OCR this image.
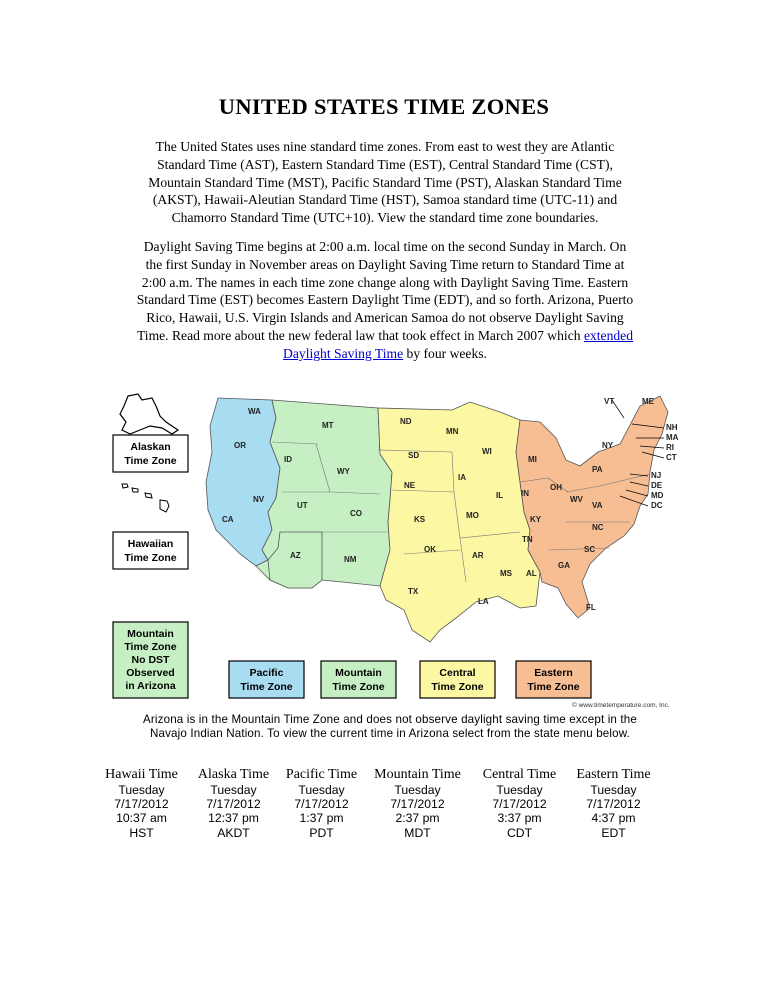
UNITED STATES TIME ZONES
The United States uses nine standard time zones. From east to west they are Atlantic
Standard Time (AST), Eastern Standard Time (EST), Central Standard Time (CST),
Mountain Standard Time (MST), Pacific Standard Time (PST), Alaskan Standard Time
(AKST), Hawaii-Aleutian Standard Time (HST), Samoa standard time (UTC-11) and
Chamorro Standard Time (UTC+10). View the standard time zone boundaries.
Daylight Saving Time begins at 2:00 a.m. local time on the second Sunday in March. On
the first Sunday in November areas on Daylight Saving Time return to Standard Time at
2:00 a.m. The names in each time zone change along with Daylight Saving Time. Eastern
Standard Time (EST) becomes Eastern Daylight Time (EDT), and so forth. Arizona, Puerto
Rico, Hawaii, U.S. Virgin Islands and American Samoa do not observe Daylight Saving
Time. Read more about the new federal law that took effect in March 2007 which extended
Daylight Saving Time by four weeks.
Alaskan
Time Zone
Hawaiian
Time Zone
WA
OR
CA
NV
ID
MT
WY
UT
AZ
CO
NM
ND
SD
NE
KS
OK
TX
MN
IA
MO
AR
LA
WI
IL
MS AL
TN
KY
IN
MI
OH
GA
FL
SC
NC
VA
WV
PA
NY
VT	ME
NH
MA
RI
CT
NJ
DE
MD
DC
Mountain
Time Zone
No DST
Observed
in Arizona
Pacific
Time Zone
Mountain
Time Zone
Central
Time Zone
Eastern
Time Zone
© www.timetemperature.com, Inc.
Arizona is in the Mountain Time Zone and does not observe daylight saving time except in the
Navajo Indian Nation. To view the current time in Arizona select from the state menu below.
Hawaii Time
Tuesday
7/17/2012
10:37 am
HST
Alaska Time
Tuesday
7/17/2012
12:37 pm
AKDT
Pacific Time
Tuesday
7/17/2012
1:37 pm
PDT
Mountain Time
Tuesday
7/17/2012
2:37 pm
MDT
Central Time
Tuesday
7/17/2012
3:37 pm
CDT
Eastern Time
Tuesday
7/17/2012
4:37 pm
EDT
